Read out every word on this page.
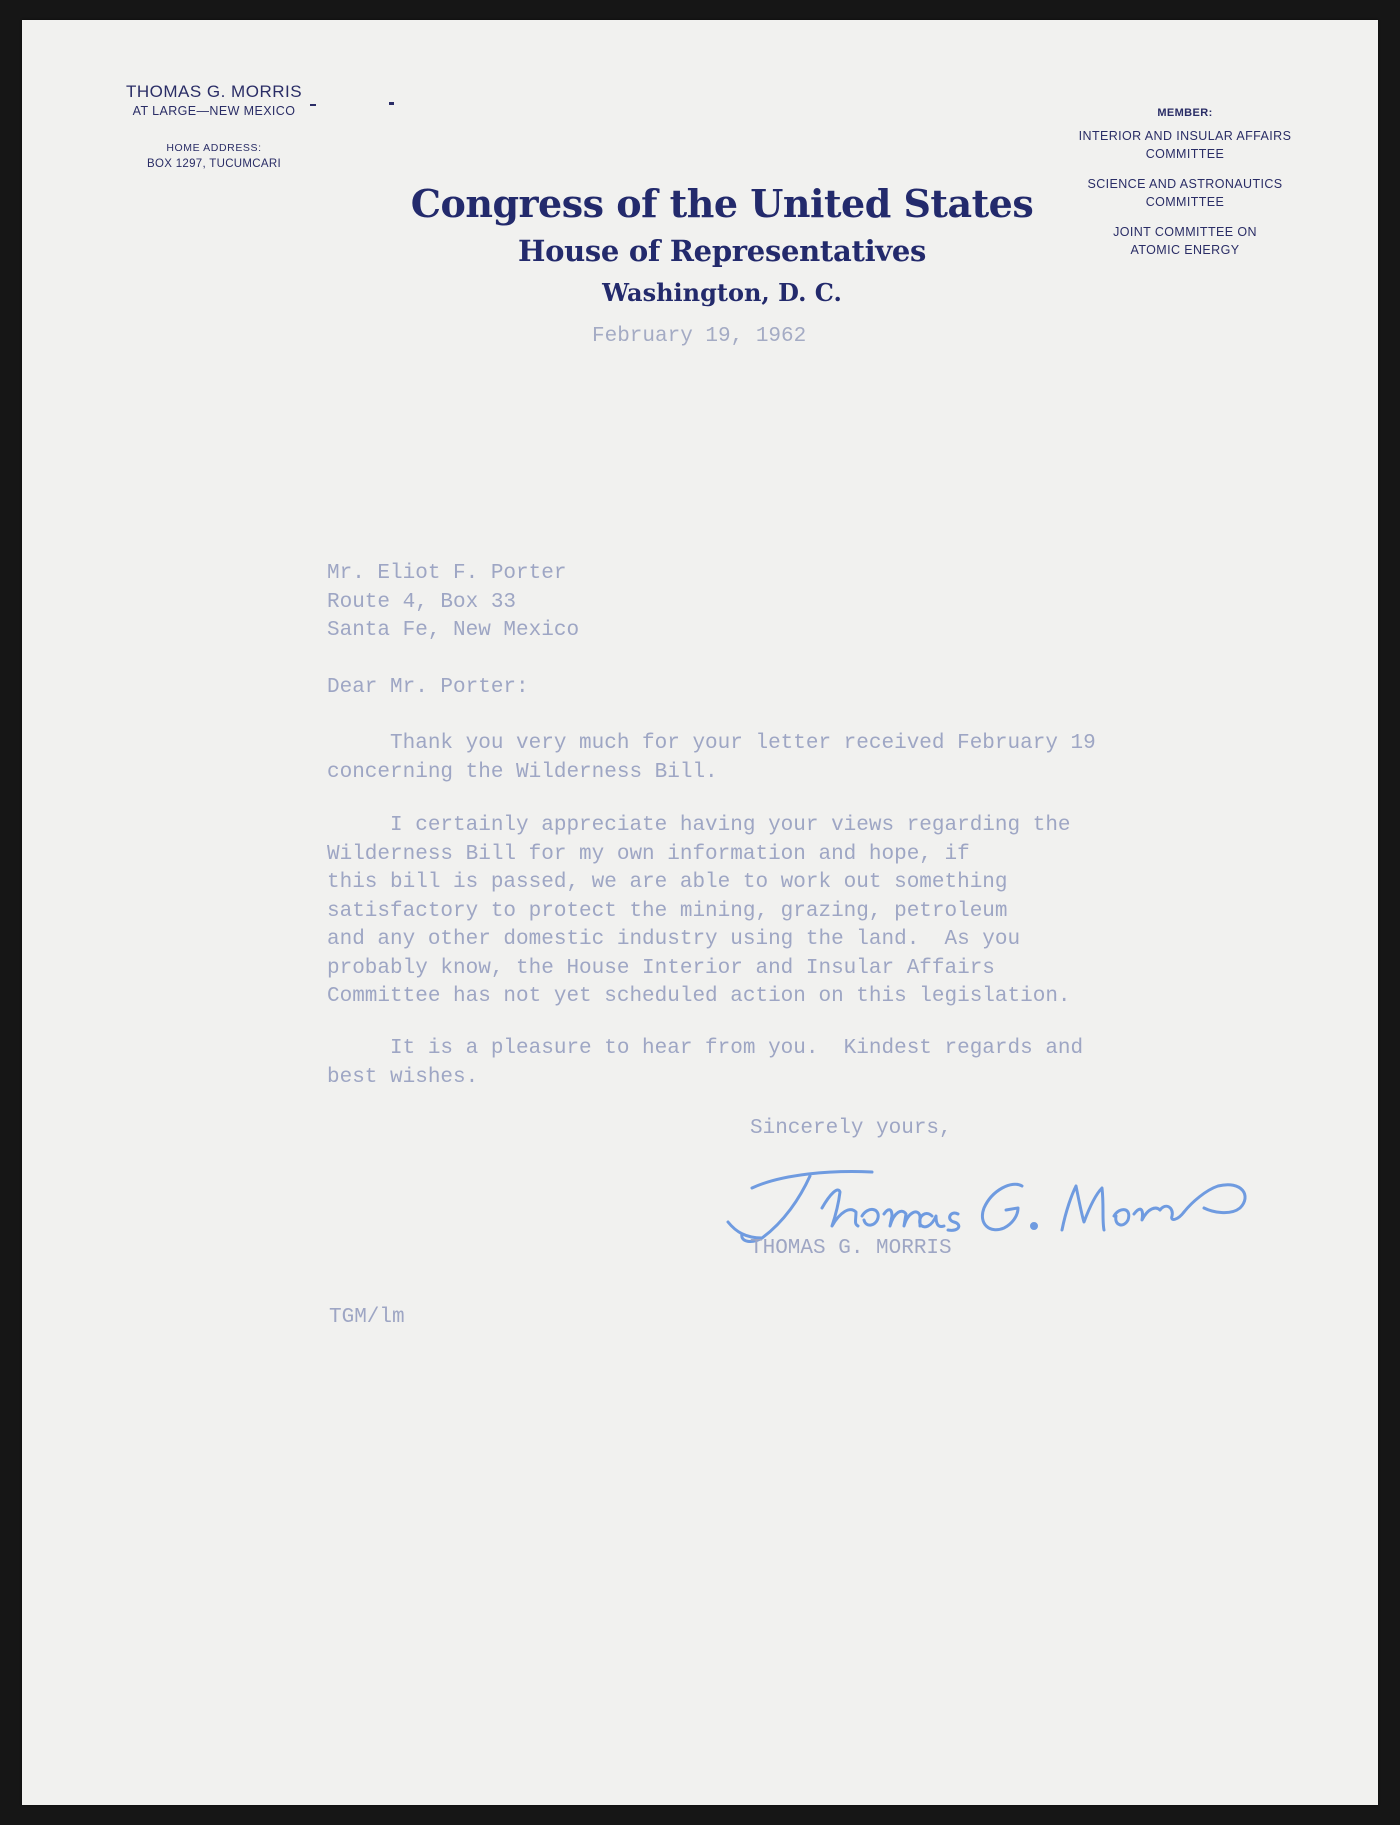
THOMAS G. MORRIS
AT LARGE—NEW MEXICO
HOME ADDRESS:
BOX 1297, TUCUMCARI
Congress of the United States
House of Representatives
Washington, D. C.
MEMBER:
INTERIOR AND INSULAR AFFAIRS
COMMITTEE
SCIENCE AND ASTRONAUTICS
COMMITTEE
JOINT COMMITTEE ON
ATOMIC ENERGY
February 19, 1962
Mr. Eliot F. Porter
Route 4, Box 33
Santa Fe, New Mexico
Dear Mr. Porter:
Thank you very much for your letter received February 19
concerning the Wilderness Bill.
I certainly appreciate having your views regarding the
Wilderness Bill for my own information and hope, if
this bill is passed, we are able to work out something
satisfactory to protect the mining, grazing, petroleum
and any other domestic industry using the land.  As you
probably know, the House Interior and Insular Affairs
Committee has not yet scheduled action on this legislation.
It is a pleasure to hear from you.  Kindest regards and
best wishes.
Sincerely yours,
THOMAS G. MORRIS
TGM/lm
